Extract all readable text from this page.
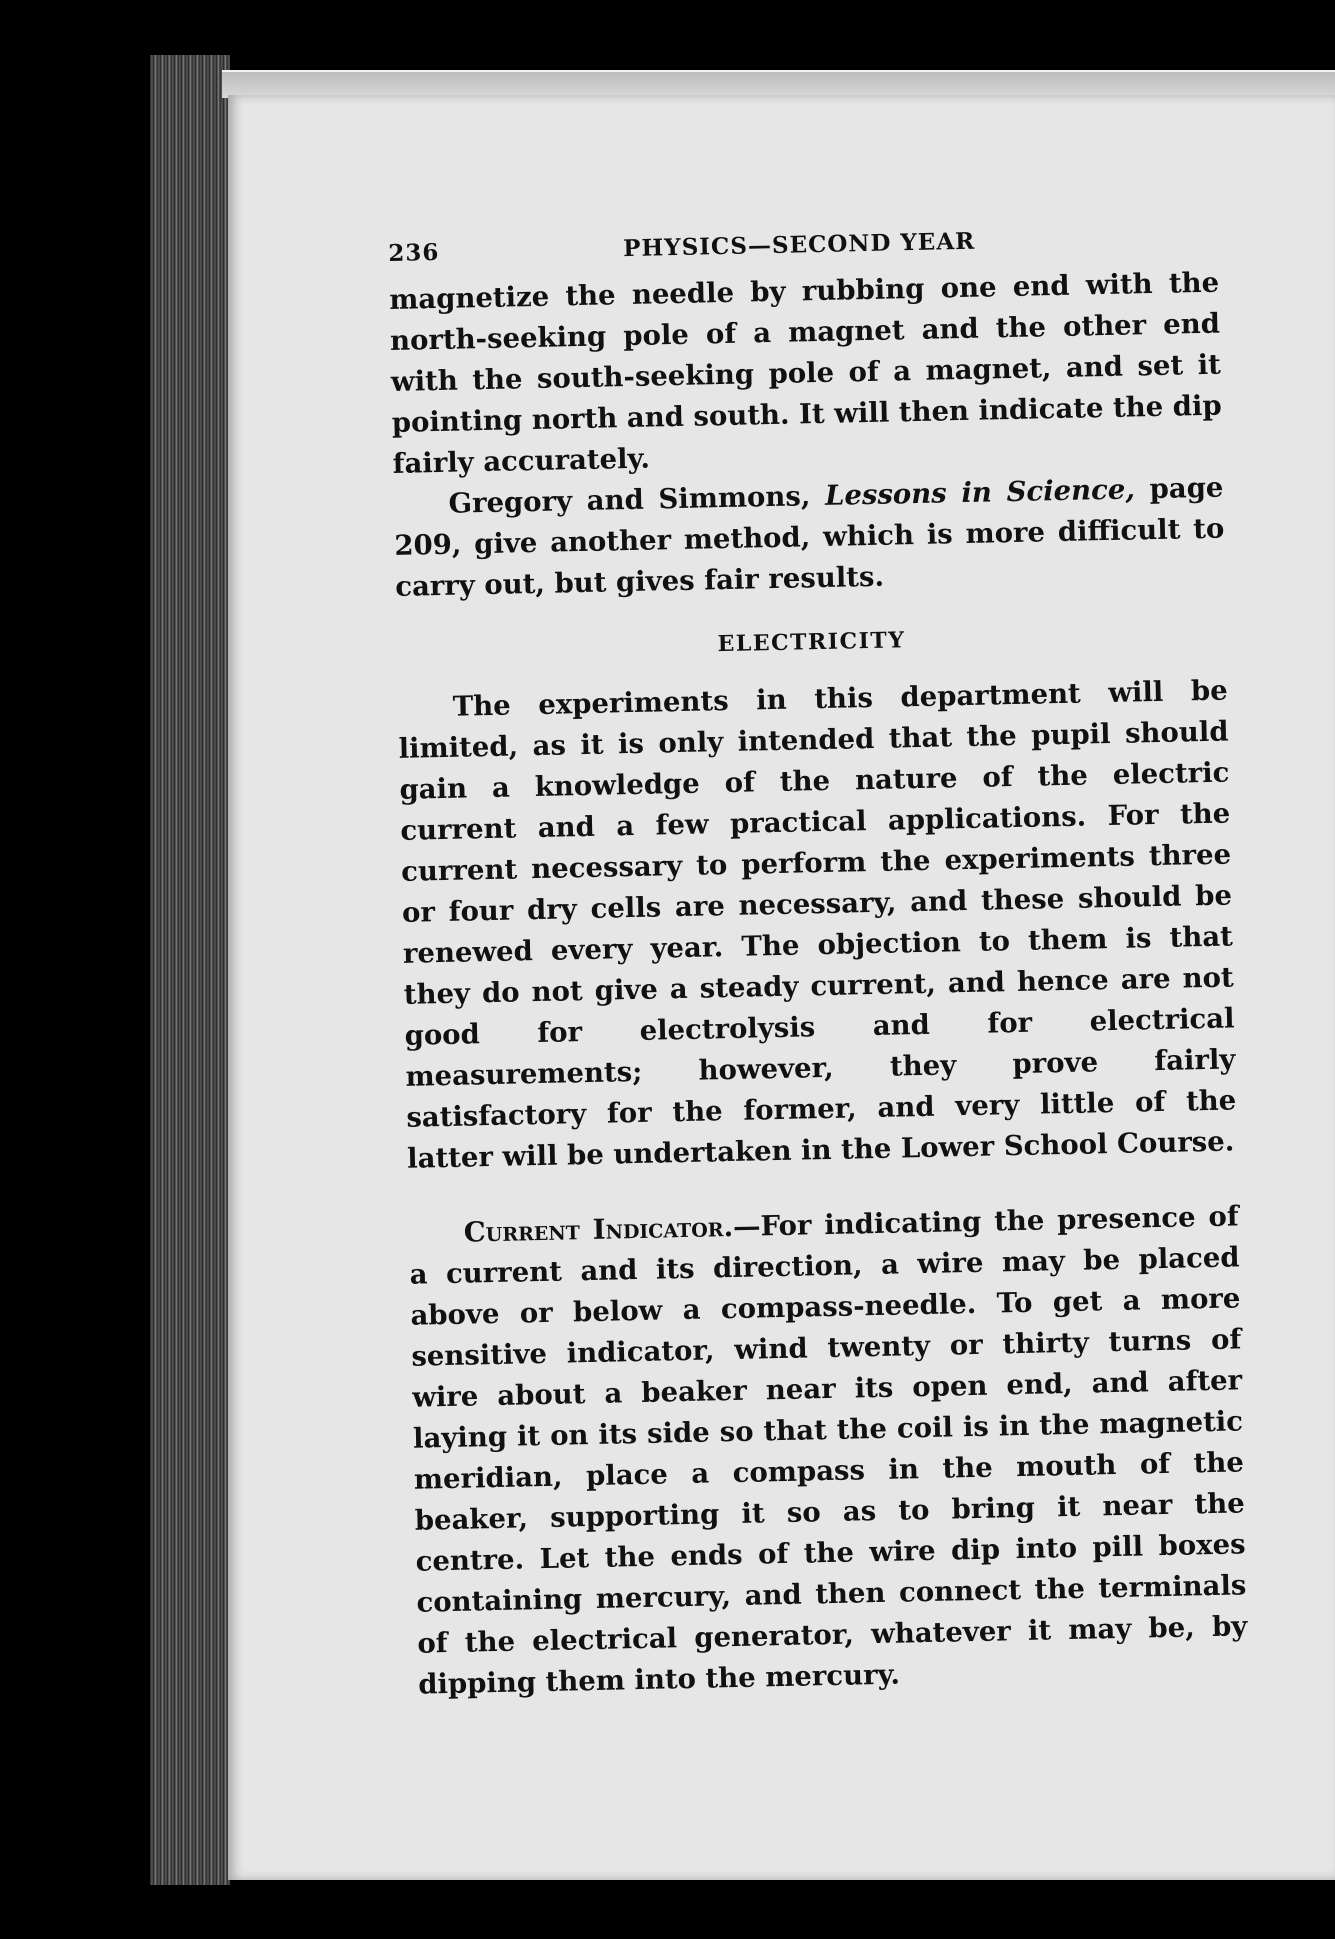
236	PHYSICS—SECOND YEAR

magnetize the needle by rubbing one end with the north-seeking pole of a magnet and the other end with the south-seeking pole of a magnet, and set it pointing north and south. It will then indicate the dip fairly accurately.

Gregory and Simmons, Lessons in Science, page 209, give another method, which is more difficult to carry out, but gives fair results.

ELECTRICITY

The experiments in this department will be limited, as it is only intended that the pupil should gain a knowledge of the nature of the electric current and a few practical applications. For the current necessary to perform the experiments three or four dry cells are necessary, and these should be renewed every year. The objection to them is that they do not give a steady current, and hence are not good for electrolysis and for electrical measurements; however, they prove fairly satisfactory for the former, and very little of the latter will be undertaken in the Lower School Course.

Current Indicator.—For indicating the presence of a current and its direction, a wire may be placed above or below a compass-needle. To get a more sensitive indicator, wind twenty or thirty turns of wire about a beaker near its open end, and after laying it on its side so that the coil is in the magnetic meridian, place a compass in the mouth of the beaker, supporting it so as to bring it near the centre. Let the ends of the wire dip into pill boxes containing mercury, and then connect the terminals of the electrical generator, whatever it may be, by dipping them into the mercury.
